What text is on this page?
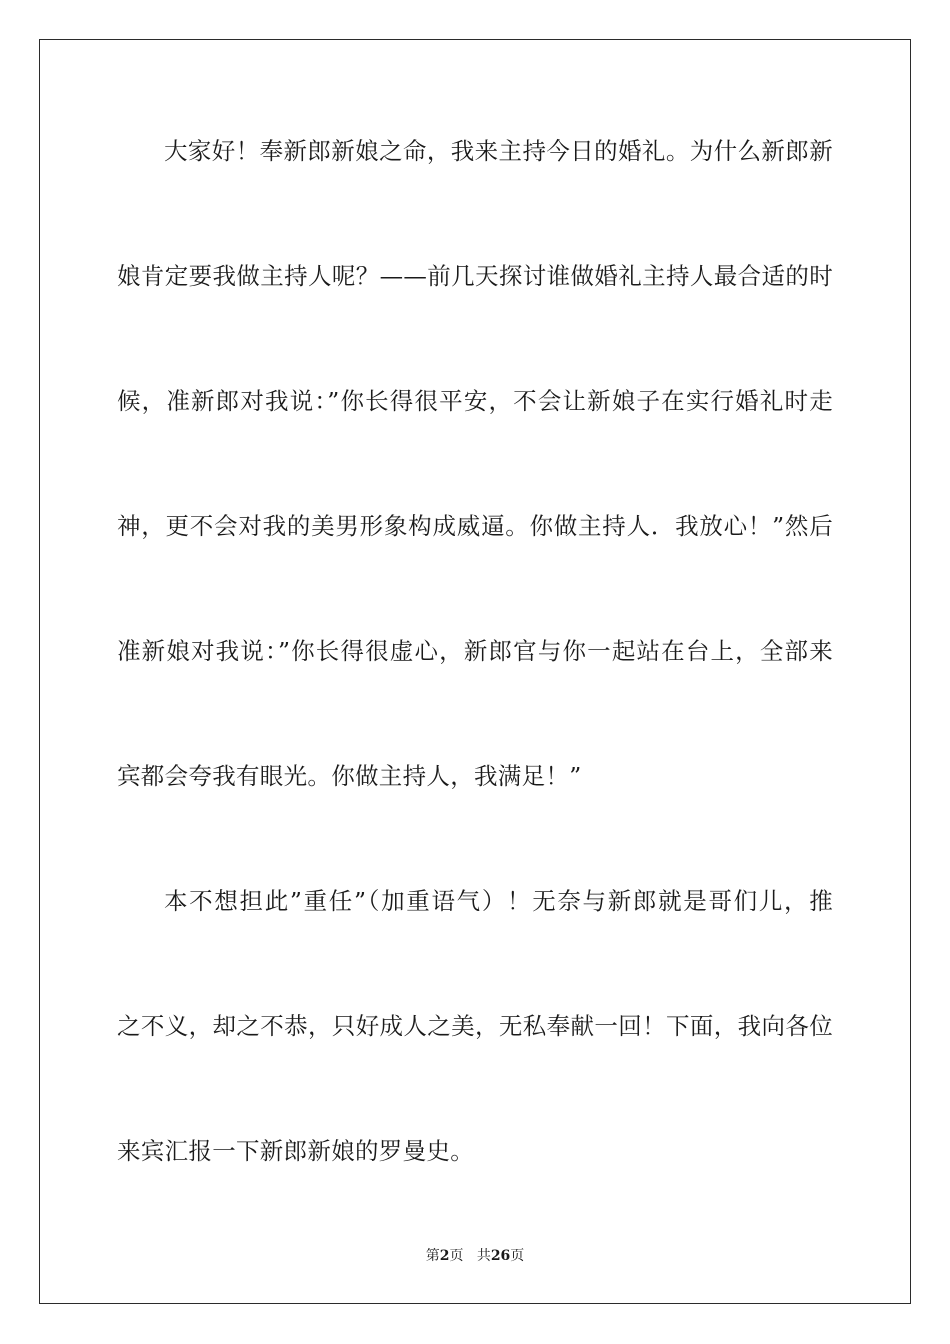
大家好！奉新郎新娘之命，我来主持今日的婚礼。为什么新郎新

娘肯定要我做主持人呢？——前几天探讨谁做婚礼主持人最合适的时

候，准新郎对我说：”你长得很平安，不会让新娘子在实行婚礼时走

神，更不会对我的美男形象构成威逼。你做主持人．我放心！”然后

准新娘对我说：”你长得很虚心，新郎官与你一起站在台上，全部来

宾都会夸我有眼光。你做主持人，我满足！”

本不想担此”重任”（加重语气）！无奈与新郎就是哥们儿，推

之不义，却之不恭，只好成人之美，无私奉献一回！下面，我向各位

来宾汇报一下新郎新娘的罗曼史。

第2页 共26页
